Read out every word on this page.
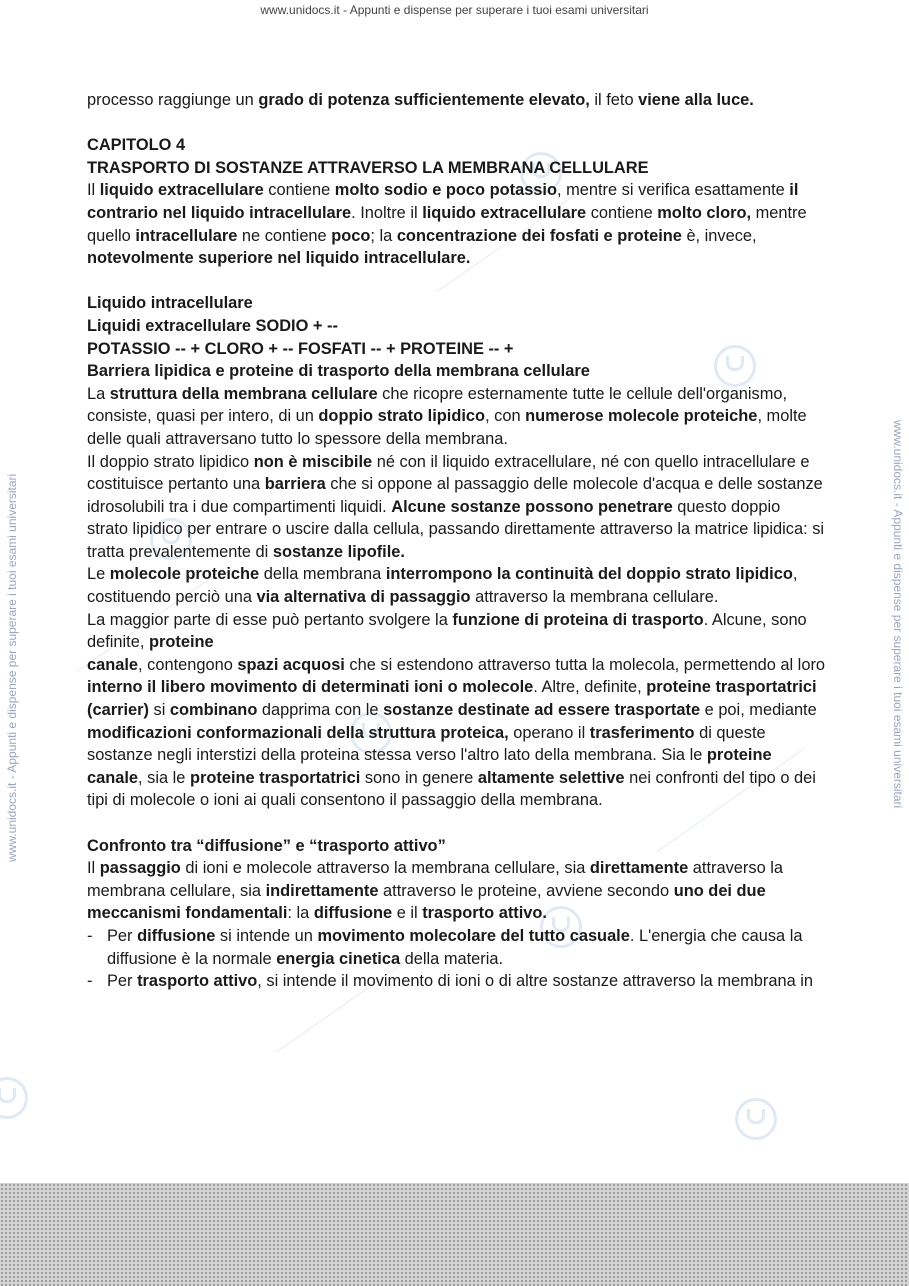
www.unidocs.it - Appunti e dispense per superare i tuoi esami universitari
www.unidocs.it - Appunti e dispense per superare i tuoi esami universitari	www.unidocs.it - Appunti e dispense per superare i tuoi esami universitari

processo raggiunge un grado di potenza sufficientemente elevato, il feto viene alla luce.

CAPITOLO 4

TRASPORTO DI SOSTANZE ATTRAVERSO LA MEMBRANA CELLULARE

Il liquido extracellulare contiene molto sodio e poco potassio, mentre si verifica esattamente il contrario nel liquido intracellulare. Inoltre il liquido extracellulare contiene molto cloro, mentre quello intracellulare ne contiene poco; la concentrazione dei fosfati e proteine è, invece, notevolmente superiore nel liquido intracellulare.

Liquido intracellulare

Liquidi extracellulare SODIO + --

POTASSIO -- + CLORO + -- FOSFATI -- + PROTEINE -- +

Barriera lipidica e proteine di trasporto della membrana cellulare

La struttura della membrana cellulare che ricopre esternamente tutte le cellule dell'organismo, consiste, quasi per intero, di un doppio strato lipidico, con numerose molecole proteiche, molte delle quali attraversano tutto lo spessore della membrana.

Il doppio strato lipidico non è miscibile né con il liquido extracellulare, né con quello intracellulare e costituisce pertanto una barriera che si oppone al passaggio delle molecole d'acqua e delle sostanze idrosolubili tra i due compartimenti liquidi. Alcune sostanze possono penetrare questo doppio strato lipidico per entrare o uscire dalla cellula, passando direttamente attraverso la matrice lipidica: si tratta prevalentemente di sostanze lipofile.

Le molecole proteiche della membrana interrompono la continuità del doppio strato lipidico, costituendo perciò una via alternativa di passaggio attraverso la membrana cellulare.

La maggior parte di esse può pertanto svolgere la funzione di proteina di trasporto. Alcune, sono definite, proteine
canale, contengono spazi acquosi che si estendono attraverso tutta la molecola, permettendo al loro interno il libero movimento di determinati ioni o molecole. Altre, definite, proteine trasportatrici (carrier) si combinano dapprima con le sostanze destinate ad essere trasportate e poi, mediante modificazioni conformazionali della struttura proteica, operano il trasferimento di queste sostanze negli interstizi della proteina stessa verso l'altro lato della membrana. Sia le proteine canale, sia le proteine trasportatrici sono in genere altamente selettive nei confronti del tipo o dei tipi di molecole o ioni ai quali consentono il passaggio della membrana.

Confronto tra “diffusione” e “trasporto attivo”

Il passaggio di ioni e molecole attraverso la membrana cellulare, sia direttamente attraverso la membrana cellulare, sia indirettamente attraverso le proteine, avviene secondo uno dei due meccanismi fondamentali: la diffusione e il trasporto attivo.

- Per diffusione si intende un movimento molecolare del tutto casuale. L'energia che causa la diffusione è la normale energia cinetica della materia.
- Per trasporto attivo, si intende il movimento di ioni o di altre sostanze attraverso la membrana in
